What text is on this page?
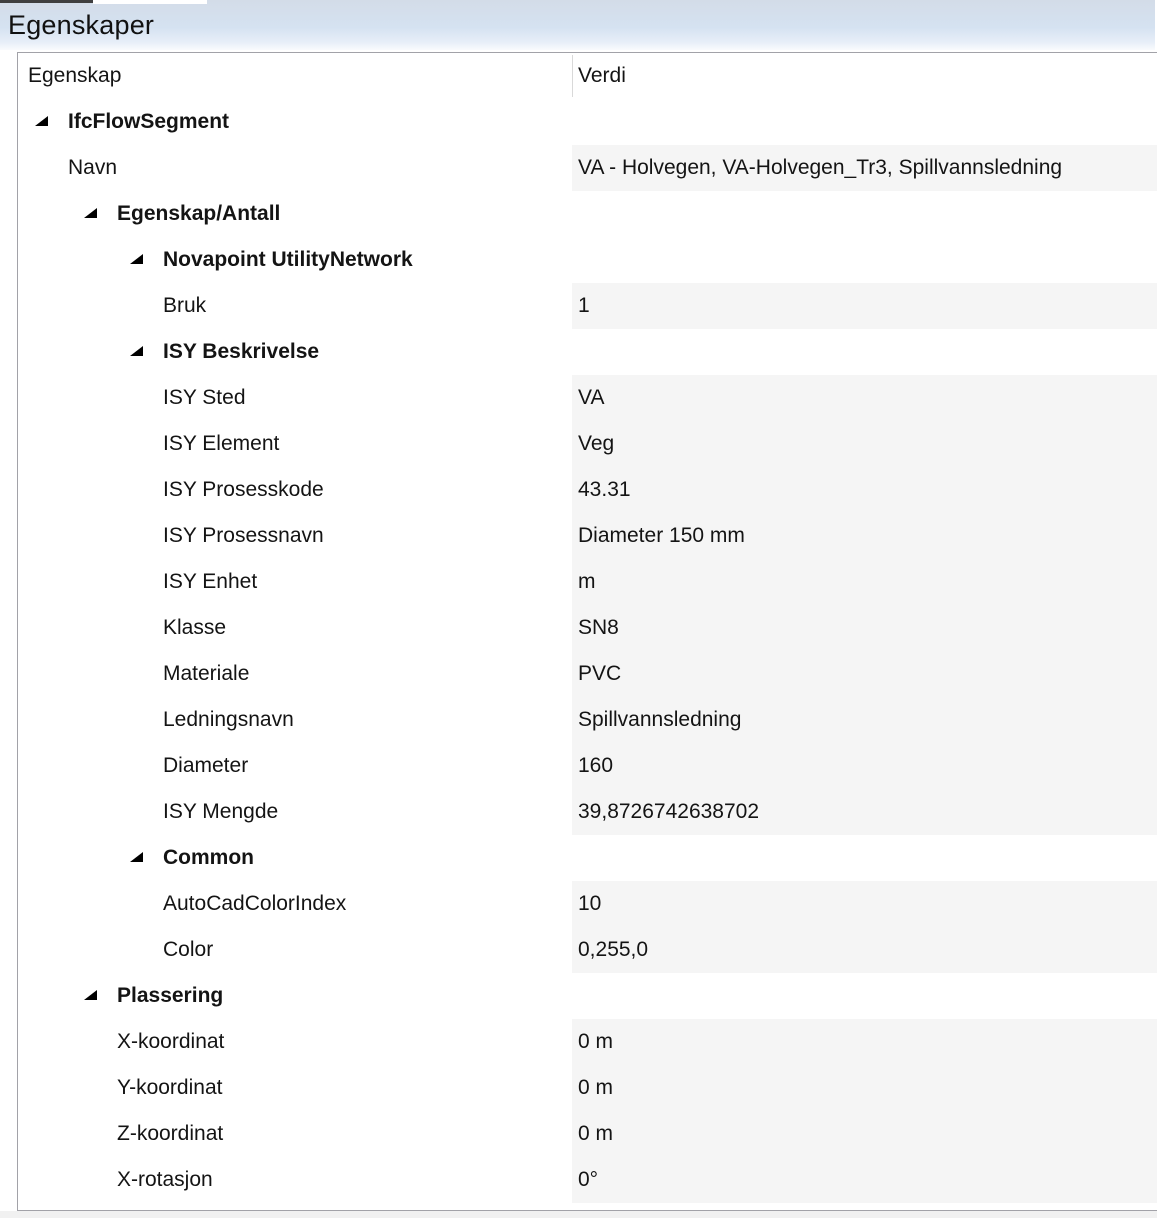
Egenskaper
Egenskap	Verdi
IfcFlowSegment
Navn	VA - Holvegen, VA-Holvegen_Tr3, Spillvannsledning
Egenskap/Antall
Novapoint UtilityNetwork
Bruk	1
ISY Beskrivelse
ISY Sted	VA
ISY Element	Veg
ISY Prosesskode	43.31
ISY Prosessnavn	Diameter 150 mm
ISY Enhet	m
Klasse	SN8
Materiale	PVC
Ledningsnavn	Spillvannsledning
Diameter	160
ISY Mengde	39,8726742638702
Common
AutoCadColorIndex	10
Color	0,255,0
Plassering
X-koordinat	0 m
Y-koordinat	0 m
Z-koordinat	0 m
X-rotasjon	0°
